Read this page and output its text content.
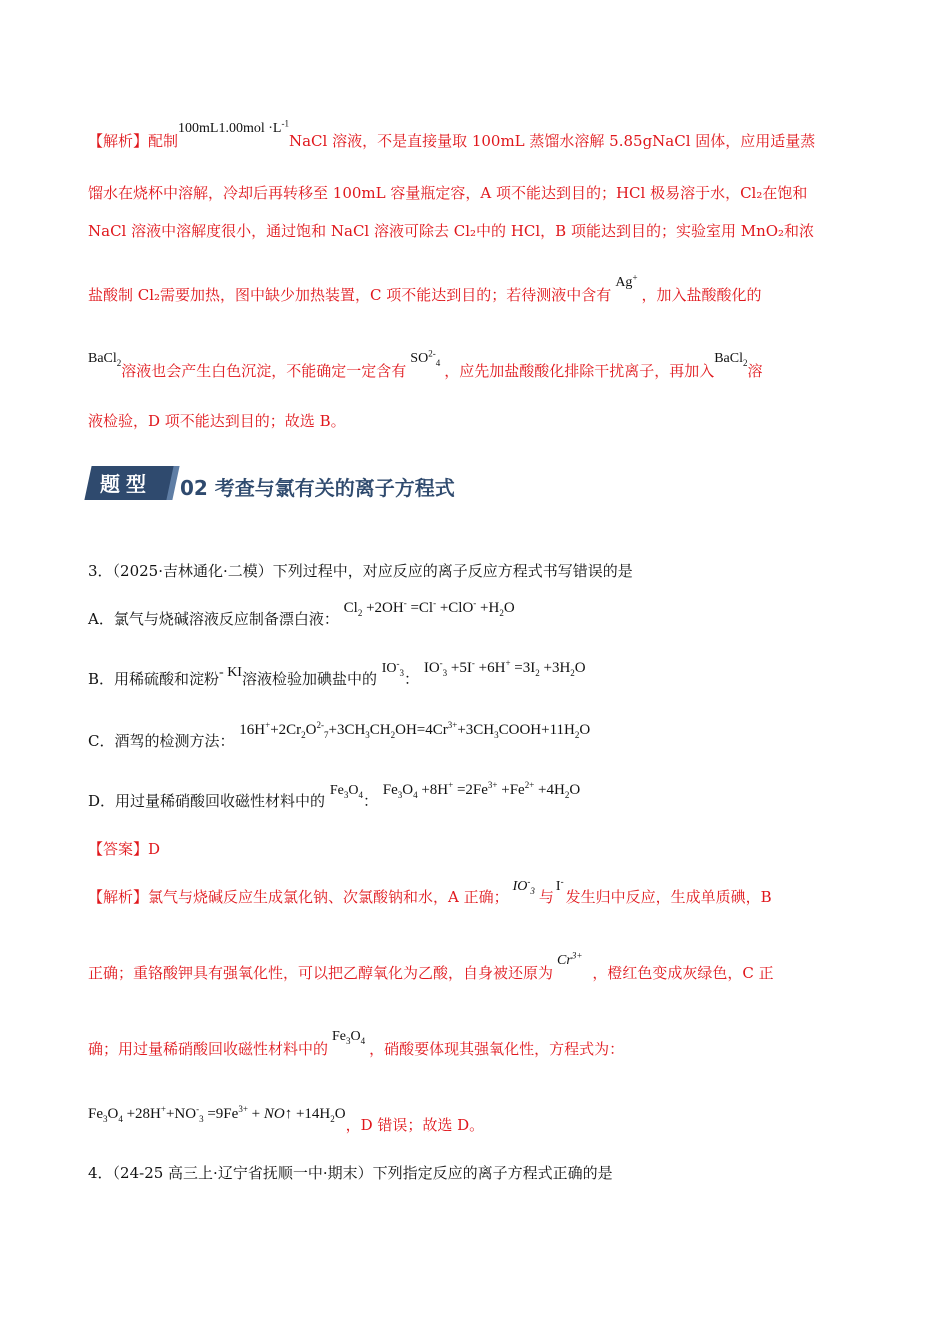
【解析】配制$100mL1.00mol \cdot L^{-1}NaCl$ 溶液，不是直接量取 100mL 蒸馏水溶解 5.85gNaCl 固体，应用适量蒸
馏水在烧杯中溶解，冷却后再转移至 100mL 容量瓶定容，A 项不能达到目的；HCl 极易溶于水，Cl₂在饱和
NaCl 溶液中溶解度很小，通过饱和 NaCl 溶液可除去 Cl₂中的 HCl，B 项能达到目的；实验室用 MnO₂和浓
盐酸制 Cl₂需要加热，图中缺少加热装置，C 项不能达到目的；若待测液中含有Ag+，加入盐酸酸化的
BaCl$_2$溶液也会产生白色沉淀，不能确定一定含有$SO^{2-}_4$ ，应先加盐酸酸化排除干扰离子，再加入BaCl$_2$溶
液检验，D 项不能达到目的；故选 B。
题型 02 考查与氯有关的离子方程式
3．（2025·吉林通化·二模）下列过程中，对应反应的离子反应方程式书写错误的是
A．氯气与烧碱溶液反应制备漂白液： $Cl_2 +2OH^- =Cl^- +ClO^- +H_2O$
B．用稀硫酸和淀粉- KI溶液检验加碘盐中的 $IO^-_3$： $IO^-_3 +5I^- +6H^+ =3I_2 +3H_2O$
C．酒驾的检测方法： $16H^++2Cr_2O^{2-}_7+3CH_3CH_2OH=4Cr^{3+}+3CH_3COOH+11H_2O$
D．用过量稀硝酸回收磁性材料中的 $Fe_3O_4$： $Fe_3O_4 +8H^+ =2Fe^{3+} +Fe^{2+} +4H_2O$
【答案】D
【解析】氯气与烧碱反应生成氯化钠、次氯酸钠和水，A 正确；$IO^-_3$ 与I-发生归中反应，生成单质碘，B
正确；重铬酸钾具有强氧化性，可以把乙醇氧化为乙酸，自身被还原为$Cr^{3+}$，橙红色变成灰绿色，C 正
确；用过量稀硝酸回收磁性材料中的$Fe_3O_4$ ，硝酸要体现其强氧化性，方程式为：
$Fe_3O_4 +28H^++NO^-_3 =9Fe^{3+}$ + NO↑ $+14H_2O$，D 错误；故选 D。
4．（24-25 高三上·辽宁省抚顺一中·期末）下列指定反应的离子方程式正确的是
